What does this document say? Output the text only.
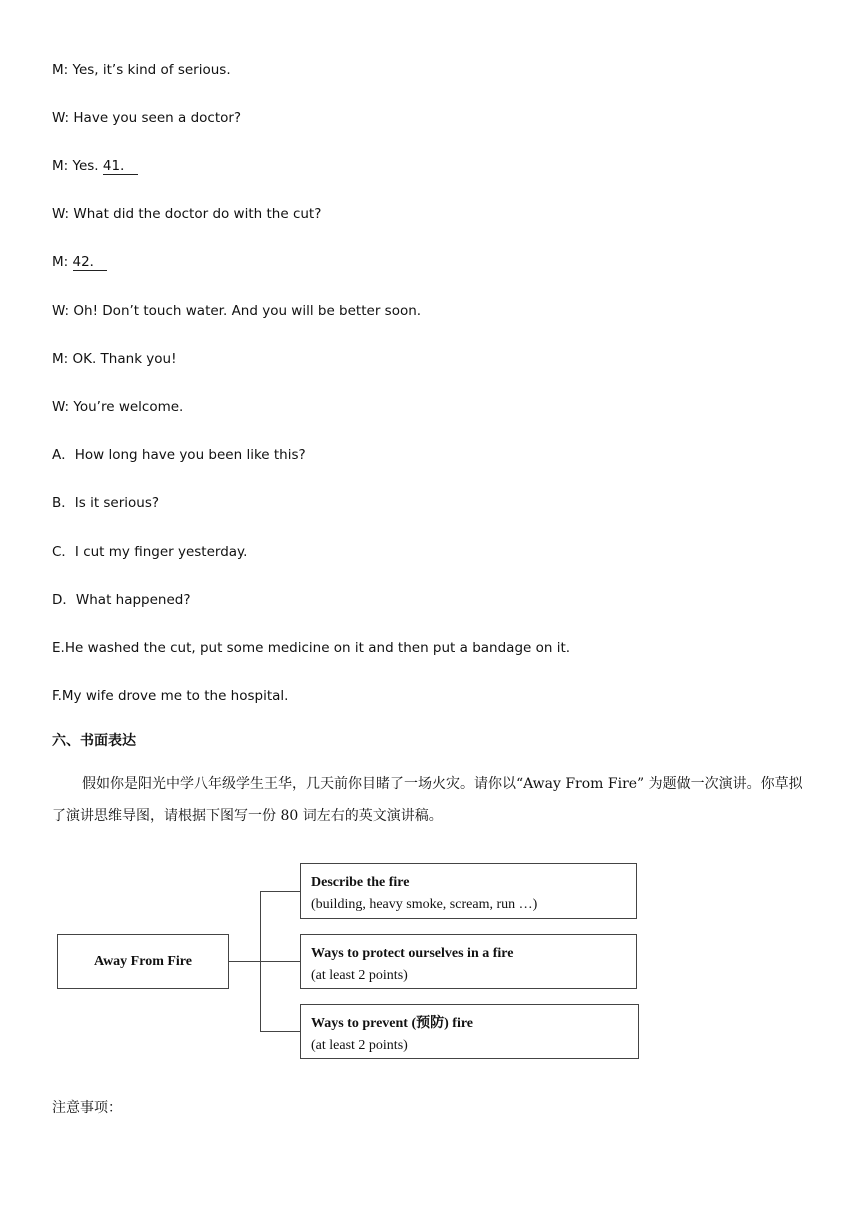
M: Yes, it’s kind of serious.
W: Have you seen a doctor?
M: Yes. 41．
W: What did the doctor do with the cut?
M: 42．
W: Oh! Don’t touch water. And you will be better soon.
M: OK. Thank you!
W: You’re welcome.
A．How long have you been like this?
B．Is it serious?
C．I cut my finger yesterday.
D．What happened?
E.He washed the cut, put some medicine on it and then put a bandage on it.
F.My wife drove me to the hospital.
六、书面表达
假如你是阳光中学八年级学生王华，几天前你目睹了一场火灾。请你以“Away From Fire” 为题做一次演讲。你草拟了演讲思维导图，请根据下图写一份 80 词左右的英文演讲稿。
Away From Fire
Describe the fire
(building, heavy smoke, scream, run …)
Ways to protect ourselves in a fire
(at least 2 points)
Ways to prevent (预防) fire
(at least 2 points)
注意事项：
